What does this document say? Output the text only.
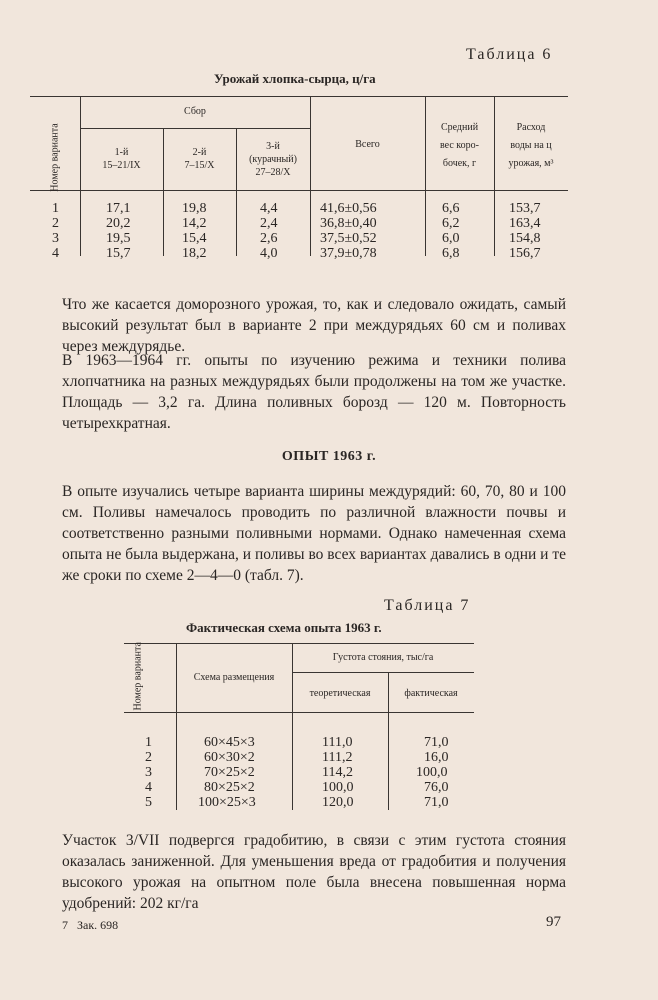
Таблица 6
Урожай хлопка-сырца, ц/га
Номер варианта
Сбор
1-й
15–21/IX
2-й
7–15/X
3-й
(курачный)
27–28/X
Всего
Средний
вес коро-
бочек, г
Расход
воды на ц
урожая, м³
1	17,1	19,8	4,4	41,6±0,56	6,6	153,7
2	20,2	14,2	2,4	36,8±0,40	6,2	163,4
3	19,5	15,4	2,6	37,5±0,52	6,0	154,8
4	15,7	18,2	4,0	37,9±0,78	6,8	156,7

Что же касается доморозного урожая, то, как и следовало ожидать, самый высокий результат был в варианте 2 при междурядьях 60 см и поливах через междурядье.

В 1963—1964 гг. опыты по изучению режима и техники полива хлопчатника на разных междурядьях были продолжены на том же участке. Площадь — 3,2 га. Длина поливных борозд — 120 м. Повторность четырехкратная.

ОПЫТ 1963 г.

В опыте изучались четыре варианта ширины междурядий: 60, 70, 80 и 100 см. Поливы намечалось проводить по различной влажности почвы и соответственно разными поливными нормами. Однако намеченная схема опыта не была выдержана, и поливы во всех вариантах давались в одни и те же сроки по схеме 2—4—0 (табл. 7).

Таблица 7
Фактическая схема опыта 1963 г.
Номер варианта	Схема размещения
Густота стояния, тыс/га
теоретическая	фактическая
1	60×45×3	111,0	71,0
2	60×30×2	111,2	16,0
3	70×25×2	114,2	100,0
4	80×25×2	100,0	76,0
5	100×25×3	120,0	71,0

Участок 3/VII подвергся градобитию, в связи с этим густота стояния оказалась заниженной. Для уменьшения вреда от градобития и получения высокого урожая на опытном поле была внесена повышенная норма удобрений: 202 кг/га

7   Зак. 698	97
